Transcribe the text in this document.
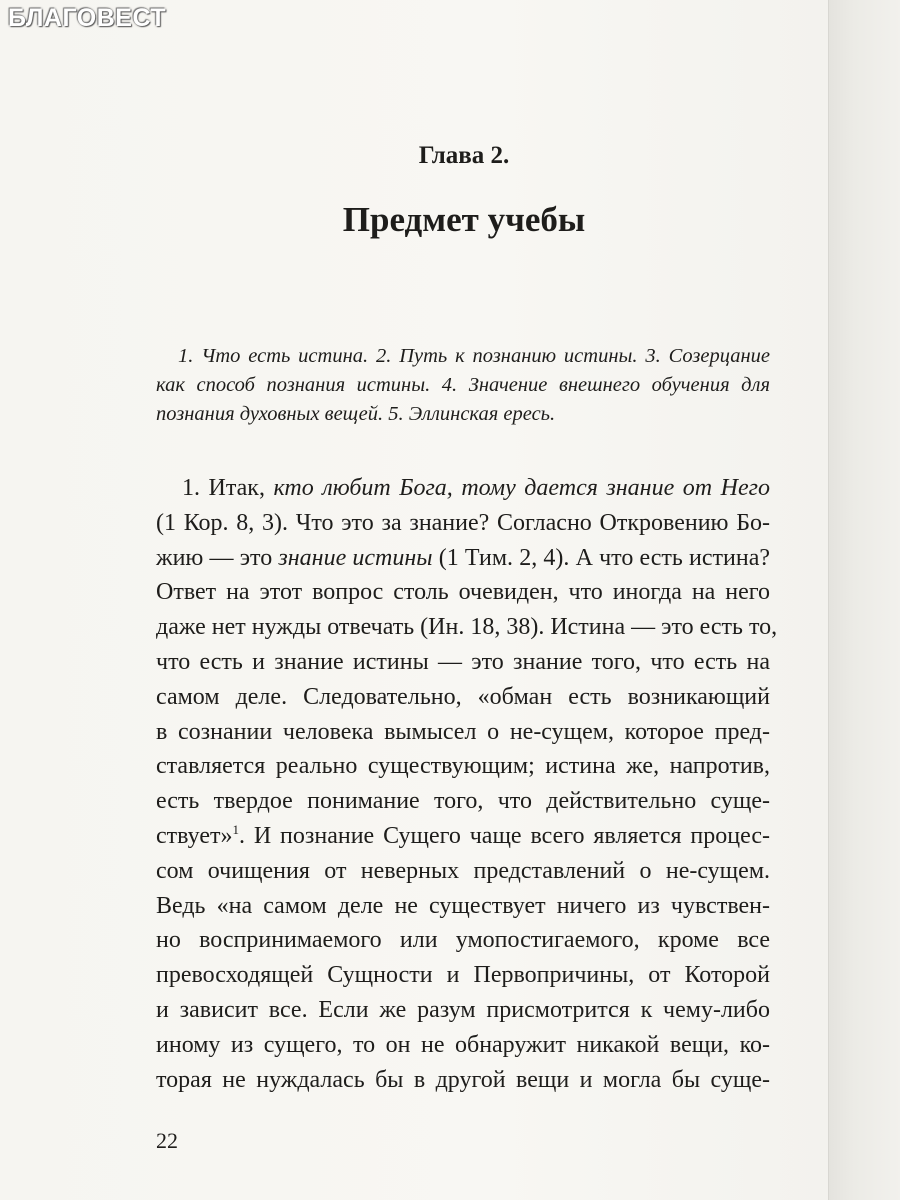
БЛАГОВЕСТ
Глава 2.
Предмет учебы
1. Что есть истина. 2. Путь к познанию истины. 3. Созерцание как способ познания истины. 4. Значение внешнего обучения для познания духовных вещей. 5. Эллинская ересь.
1. Итак, кто любит Бога, тому дается знание от Него
(1 Кор. 8, 3). Что это за знание? Согласно Откровению Бо-
жию — это знание истины (1 Тим. 2, 4). А что есть истина?
Ответ на этот вопрос столь очевиден, что иногда на него
даже нет нужды отвечать (Ин. 18, 38). Истина — это есть то,
что есть и знание истины — это знание того, что есть на
самом деле. Следовательно, «обман есть возникающий
в сознании человека вымысел о не-сущем, которое пред-
ставляется реально существующим; истина же, напротив,
есть твердое понимание того, что действительно суще-
ствует»$^1$. И познание Сущего чаще всего является процес-
сом очищения от неверных представлений о не-сущем.
Ведь «на самом деле не существует ничего из чувствен-
но воспринимаемого или умопостигаемого, кроме все
превосходящей Сущности и Первопричины, от Которой
и зависит все. Если же разум присмотрится к чему-либо
иному из сущего, то он не обнаружит никакой вещи, ко-
торая не нуждалась бы в другой вещи и могла бы суще-
22
